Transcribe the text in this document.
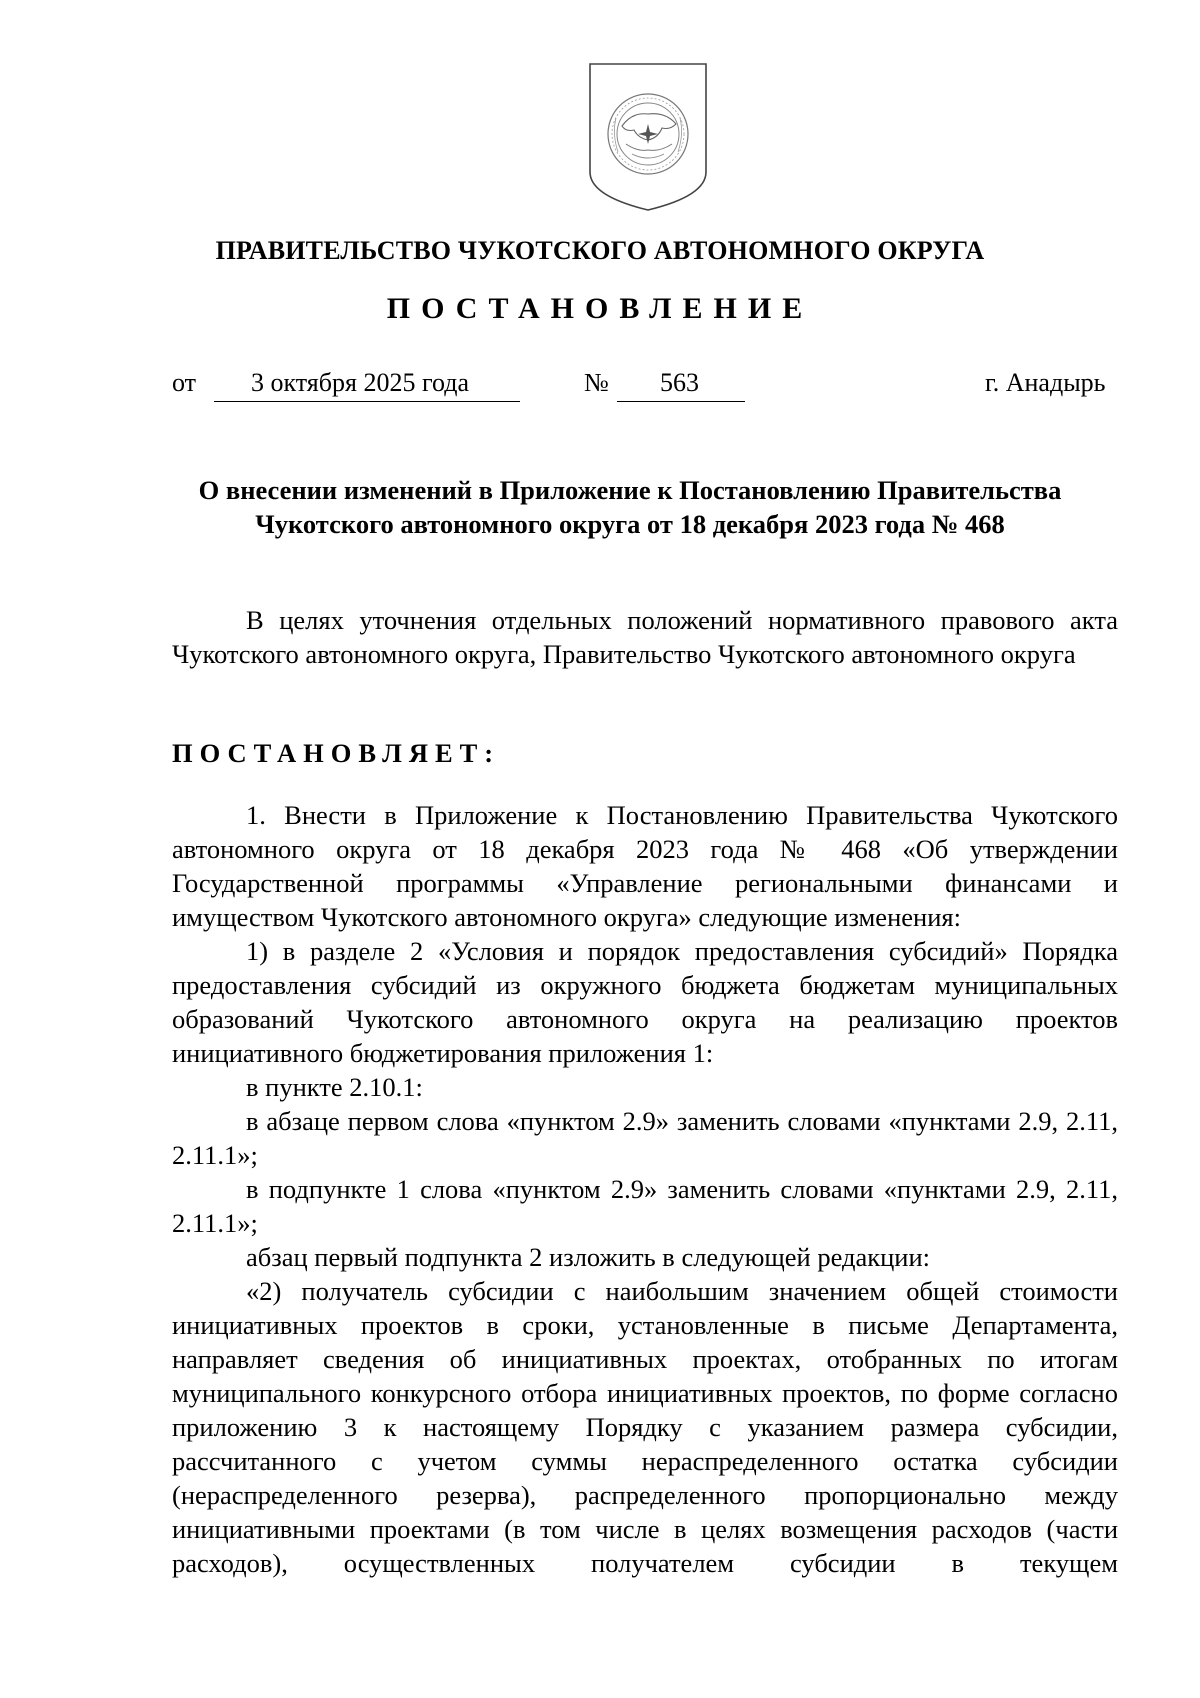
ПРАВИТЕЛЬСТВО ЧУКОТСКОГО АВТОНОМНОГО ОКРУГА
ПОСТАНОВЛЕНИЕ
от 3 октября 2025 года	№ 563	г. Анадырь
О внесении изменений в Приложение к Постановлению Правительства
Чукотского автономного округа от 18 декабря 2023 года № 468
В целях уточнения отдельных положений нормативного правового акта Чукотского автономного округа, Правительство Чукотского автономного округа
ПОСТАНОВЛЯЕТ:
1. Внести в Приложение к Постановлению Правительства Чукотского автономного округа от 18 декабря 2023 года № 468 «Об утверждении Государственной программы «Управление региональными финансами и имуществом Чукотского автономного округа» следующие изменения:
1) в разделе 2 «Условия и порядок предоставления субсидий» Порядка предоставления субсидий из окружного бюджета бюджетам муниципальных образований Чукотского автономного округа на реализацию проектов инициативного бюджетирования приложения 1:
в пункте 2.10.1:
в абзаце первом слова «пунктом 2.9» заменить словами «пунктами 2.9, 2.11, 2.11.1»;
в подпункте 1 слова «пунктом 2.9» заменить словами «пунктами 2.9, 2.11, 2.11.1»;
абзац первый подпункта 2 изложить в следующей редакции:
«2) получатель субсидии с наибольшим значением общей стоимости инициативных проектов в сроки, установленные в письме Департамента, направляет сведения об инициативных проектах, отобранных по итогам муниципального конкурсного отбора инициативных проектов, по форме согласно приложению 3 к настоящему Порядку с указанием размера субсидии, рассчитанного с учетом суммы нераспределенного остатка субсидии (нераспределенного резерва), распределенного пропорционально между инициативными проектами (в том числе в целях возмещения расходов (части расходов), осуществленных получателем субсидии в текущем
